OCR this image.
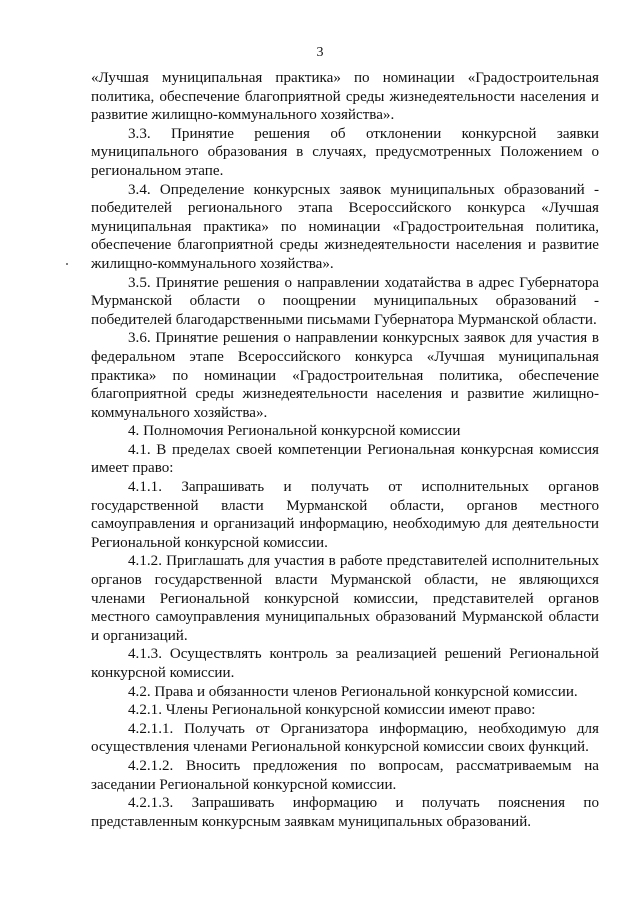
3

«Лучшая муниципальная практика» по номинации «Градостроительная политика, обеспечение благоприятной среды жизнедеятельности населения и развитие жилищно-коммунального хозяйства».

3.3. Принятие решения об отклонении конкурсной заявки муниципального образования в случаях, предусмотренных Положением о региональном этапе.

3.4. Определение конкурсных заявок муниципальных образований - победителей регионального этапа Всероссийского конкурса «Лучшая муниципальная практика» по номинации «Градостроительная политика, обеспечение благоприятной среды жизнедеятельности населения и развитие жилищно-коммунального хозяйства».

3.5. Принятие решения о направлении ходатайства в адрес Губернатора Мурманской области о поощрении муниципальных образований - победителей благодарственными письмами Губернатора Мурманской области.

3.6. Принятие решения о направлении конкурсных заявок для участия в федеральном этапе Всероссийского конкурса «Лучшая муниципальная практика» по номинации «Градостроительная политика, обеспечение благоприятной среды жизнедеятельности населения и развитие жилищно-коммунального хозяйства».

4. Полномочия Региональной конкурсной комиссии

4.1. В пределах своей компетенции Региональная конкурсная комиссия имеет право:

4.1.1. Запрашивать и получать от исполнительных органов государственной власти Мурманской области, органов местного самоуправления и организаций информацию, необходимую для деятельности Региональной конкурсной комиссии.

4.1.2. Приглашать для участия в работе представителей исполнительных органов государственной власти Мурманской области, не являющихся членами Региональной конкурсной комиссии, представителей органов местного самоуправления муниципальных образований Мурманской области и организаций.

4.1.3. Осуществлять контроль за реализацией решений Региональной конкурсной комиссии.

4.2. Права и обязанности членов Региональной конкурсной комиссии.

4.2.1. Члены Региональной конкурсной комиссии имеют право:

4.2.1.1. Получать от Организатора информацию, необходимую для осуществления членами Региональной конкурсной комиссии своих функций.

4.2.1.2. Вносить предложения по вопросам, рассматриваемым на заседании Региональной конкурсной комиссии.

4.2.1.3. Запрашивать информацию и получать пояснения по представленным конкурсным заявкам муниципальных образований.
